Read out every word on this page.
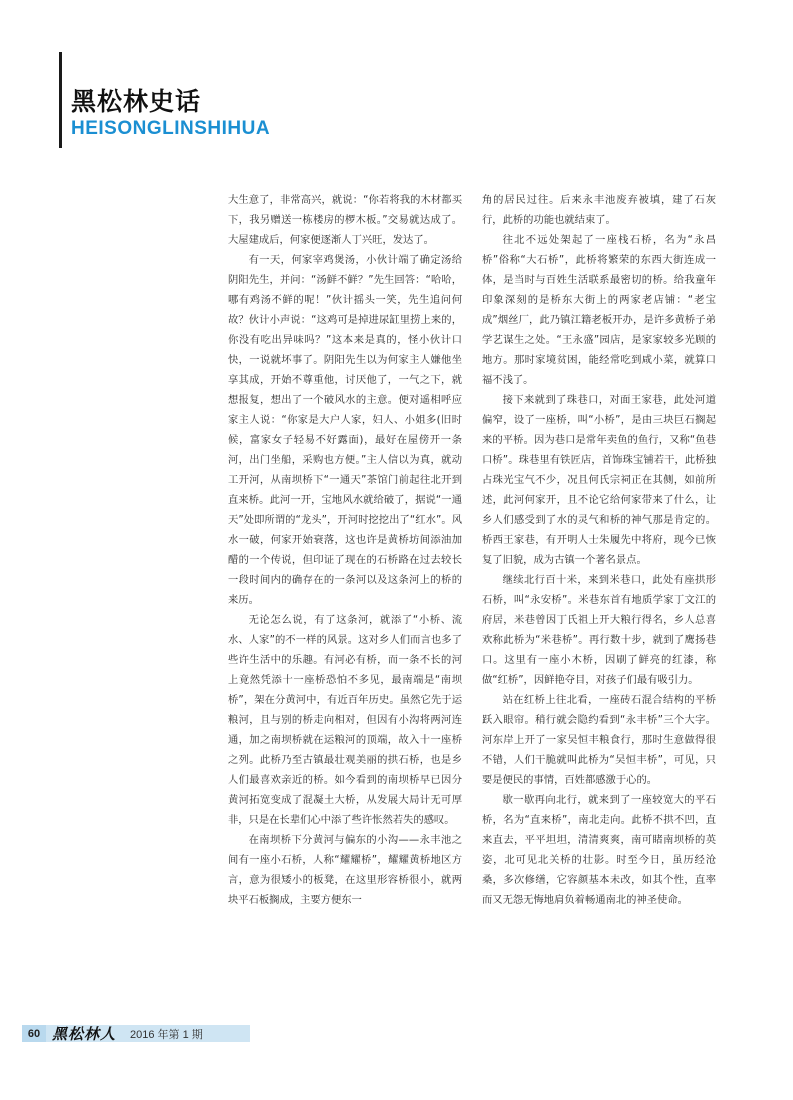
黑松林史话
HEISONGLINSHIHUA

大生意了，非常高兴，就说：“你若将我的木材都买下，我另赠送一栋楼房的椤木板。”交易就达成了。大屋建成后，何家便逐渐人丁兴旺，发达了。

有一天，何家宰鸡煲汤，小伙计端了确定汤给阴阳先生，并问：“汤鲜不鲜？”先生回答：“哈哈，哪有鸡汤不鲜的呢！”伙计摇头一笑，先生追问何故？伙计小声说：“这鸡可是掉进尿缸里捞上来的，你没有吃出异味吗？”这本来是真的，怪小伙计口快，一说就坏事了。阴阳先生以为何家主人嫌他坐享其成，开始不尊重他，讨厌他了，一气之下，就想报复，想出了一个破风水的主意。便对遥相呼应家主人说：“你家是大户人家，妇人、小姐多(旧时候，富家女子轻易不好露面)，最好在屋傍开一条河，出门坐船，采购也方便。”主人信以为真，就动工开河，从南坝桥下“一通天”茶馆门前起往北开到直来桥。此河一开，宝地风水就给破了，据说“一通天”处即所谓的“龙头”，开河时挖挖出了“红水”。风水一破，何家开始衰落，这也许是黄桥坊间添油加醋的一个传说，但印证了现在的石桥路在过去较长一段时间内的确存在的一条河以及这条河上的桥的来历。

无论怎么说，有了这条河，就添了“小桥、流水、人家”的不一样的风景。这对乡人们而言也多了些许生活中的乐趣。有河必有桥，而一条不长的河上竟然凭添十一座桥恐怕不多见，最南端是“南坝桥”，架在分黄河中，有近百年历史。虽然它先于运粮河，且与别的桥走向相对，但因有小沟将两河连通，加之南坝桥就在运粮河的顶端，故入十一座桥之列。此桥乃至古镇最壮观美丽的拱石桥，也是乡人们最喜欢亲近的桥。如今看到的南坝桥早已因分黄河拓宽变成了混凝土大桥，从发展大局计无可厚非，只是在长辈们心中添了些许怅然若失的感叹。

在南坝桥下分黄河与偏东的小沟——永丰池之间有一座小石桥，人称“耀耀桥”，耀耀黄桥地区方言，意为很矮小的板凳，在这里形容桥很小，就两块平石板搁成，主要方便东一

角的居民过往。后来永丰池废弃被填，建了石灰行，此桥的功能也就结束了。

往北不远处架起了一座栈石桥，名为“永昌桥”俗称“大石桥”，此桥将繁荣的东西大街连成一体，是当时与百姓生活联系最密切的桥。给我童年印象深刻的是桥东大街上的两家老店铺：“老宝成”烟丝厂，此乃镇江籍老板开办，是许多黄桥子弟学艺谋生之处。“王永盛”园店，是家家较多光顾的地方。那时家境贫困，能经常吃到咸小菜，就算口福不浅了。

接下来就到了珠巷口，对面王家巷，此处河道偏窄，设了一座桥，叫“小桥”，是由三块巨石搁起来的平桥。因为巷口是常年卖鱼的鱼行，又称“鱼巷口桥”。珠巷里有铁匠店，首饰珠宝铺若干，此桥独占珠光宝气不少，况且何氏宗祠正在其侧，如前所述，此河何家开，且不论它给何家带来了什么，让乡人们感受到了水的灵气和桥的神气那是肯定的。桥西王家巷，有开明人士朱履先中将府，现今已恢复了旧貌，成为古镇一个著名景点。

继续北行百十米，来到米巷口，此处有座拱形石桥，叫“永安桥”。米巷东首有地质学家丁文江的府居，米巷曾因丁氏祖上开大粮行得名，乡人总喜欢称此桥为“米巷桥”。再行数十步，就到了鹰扬巷口。这里有一座小木桥，因刷了鲜亮的红漆，称做“红桥”，因鲜艳夺目，对孩子们最有吸引力。

站在红桥上往北看，一座砖石混合结构的平桥跃入眼帘。稍行就会隐约看到“永丰桥”三个大字。河东岸上开了一家吴恒丰粮食行，那时生意做得很不错，人们干脆就叫此桥为“吴恒丰桥”，可见，只要是便民的事情，百姓都感激于心的。

歇一歇再向北行，就来到了一座较宽大的平石桥，名为“直来桥”，南北走向。此桥不拱不凹，直来直去，平平坦坦，清清爽爽，南可睹南坝桥的英姿，北可见北关桥的壮影。时至今日，虽历经沧桑，多次修缮，它容颜基本未改，如其个性，直率而又无怨无悔地肩负着畅通南北的神圣使命。

60 黑松林人 2016 年第 1 期
